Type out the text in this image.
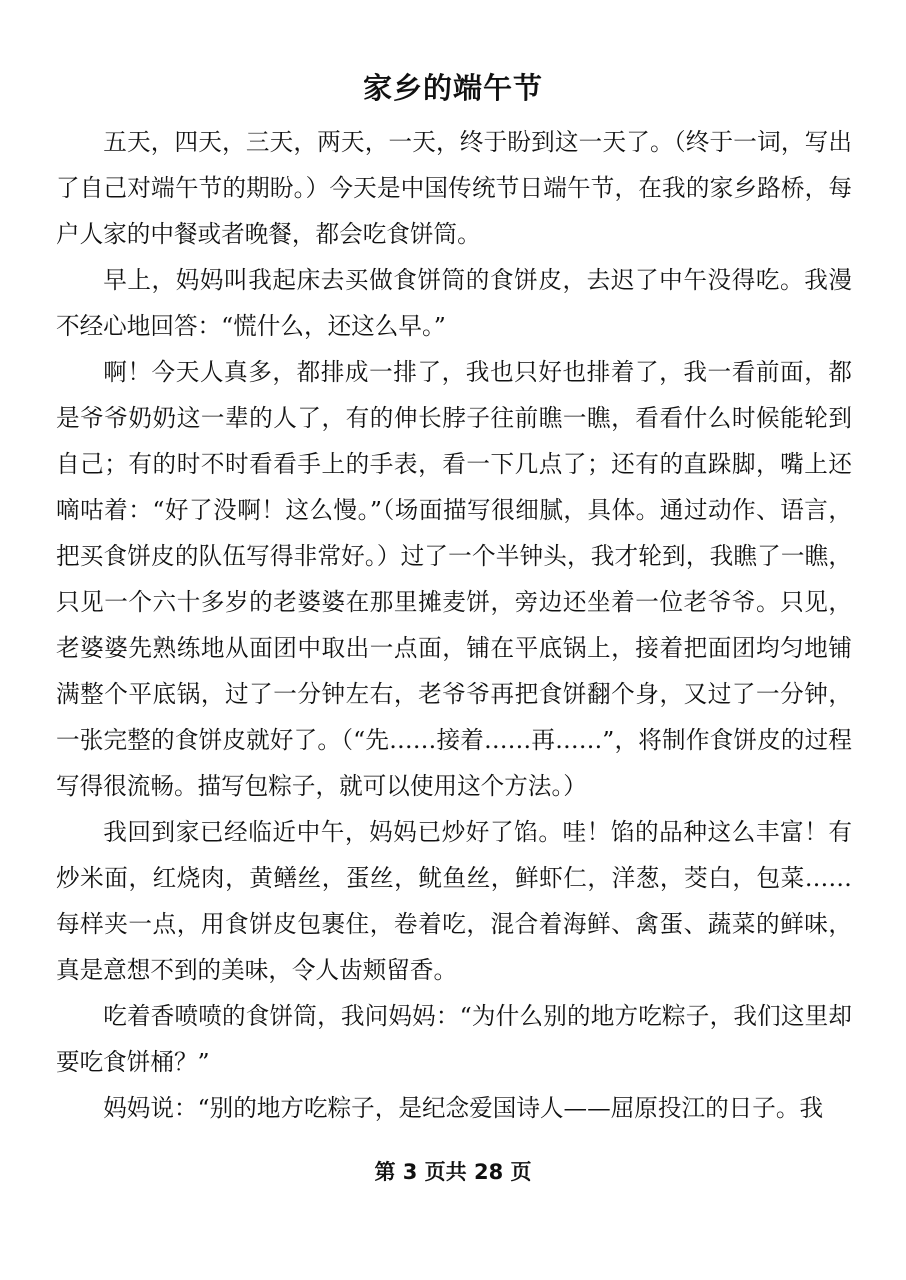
家乡的端午节

五天，四天，三天，两天，一天，终于盼到这一天了。（终于一词，写出了自己对端午节的期盼。）今天是中国传统节日端午节，在我的家乡路桥，每户人家的中餐或者晚餐，都会吃食饼筒。

早上，妈妈叫我起床去买做食饼筒的食饼皮，去迟了中午没得吃。我漫不经心地回答：“慌什么，还这么早。”

啊！今天人真多，都排成一排了，我也只好也排着了，我一看前面，都是爷爷奶奶这一辈的人了，有的伸长脖子往前瞧一瞧，看看什么时候能轮到自己；有的时不时看看手上的手表，看一下几点了；还有的直跺脚，嘴上还嘀咕着：“好了没啊！这么慢。”（场面描写很细腻，具体。通过动作、语言，把买食饼皮的队伍写得非常好。）过了一个半钟头，我才轮到，我瞧了一瞧，只见一个六十多岁的老婆婆在那里摊麦饼，旁边还坐着一位老爷爷。只见，老婆婆先熟练地从面团中取出一点面，铺在平底锅上，接着把面团均匀地铺满整个平底锅，过了一分钟左右，老爷爷再把食饼翻个身，又过了一分钟，一张完整的食饼皮就好了。（“先……接着……再……”，将制作食饼皮的过程写得很流畅。描写包粽子，就可以使用这个方法。）

我回到家已经临近中午，妈妈已炒好了馅。哇！馅的品种这么丰富！有炒米面，红烧肉，黄鳝丝，蛋丝，鱿鱼丝，鲜虾仁，洋葱，茭白，包菜……每样夹一点，用食饼皮包裹住，卷着吃，混合着海鲜、禽蛋、蔬菜的鲜味，真是意想不到的美味，令人齿颊留香。

吃着香喷喷的食饼筒，我问妈妈：“为什么别的地方吃粽子，我们这里却要吃食饼桶？”

妈妈说：“别的地方吃粽子，是纪念爱国诗人——屈原投江的日子。我

第 3 页共 28 页
